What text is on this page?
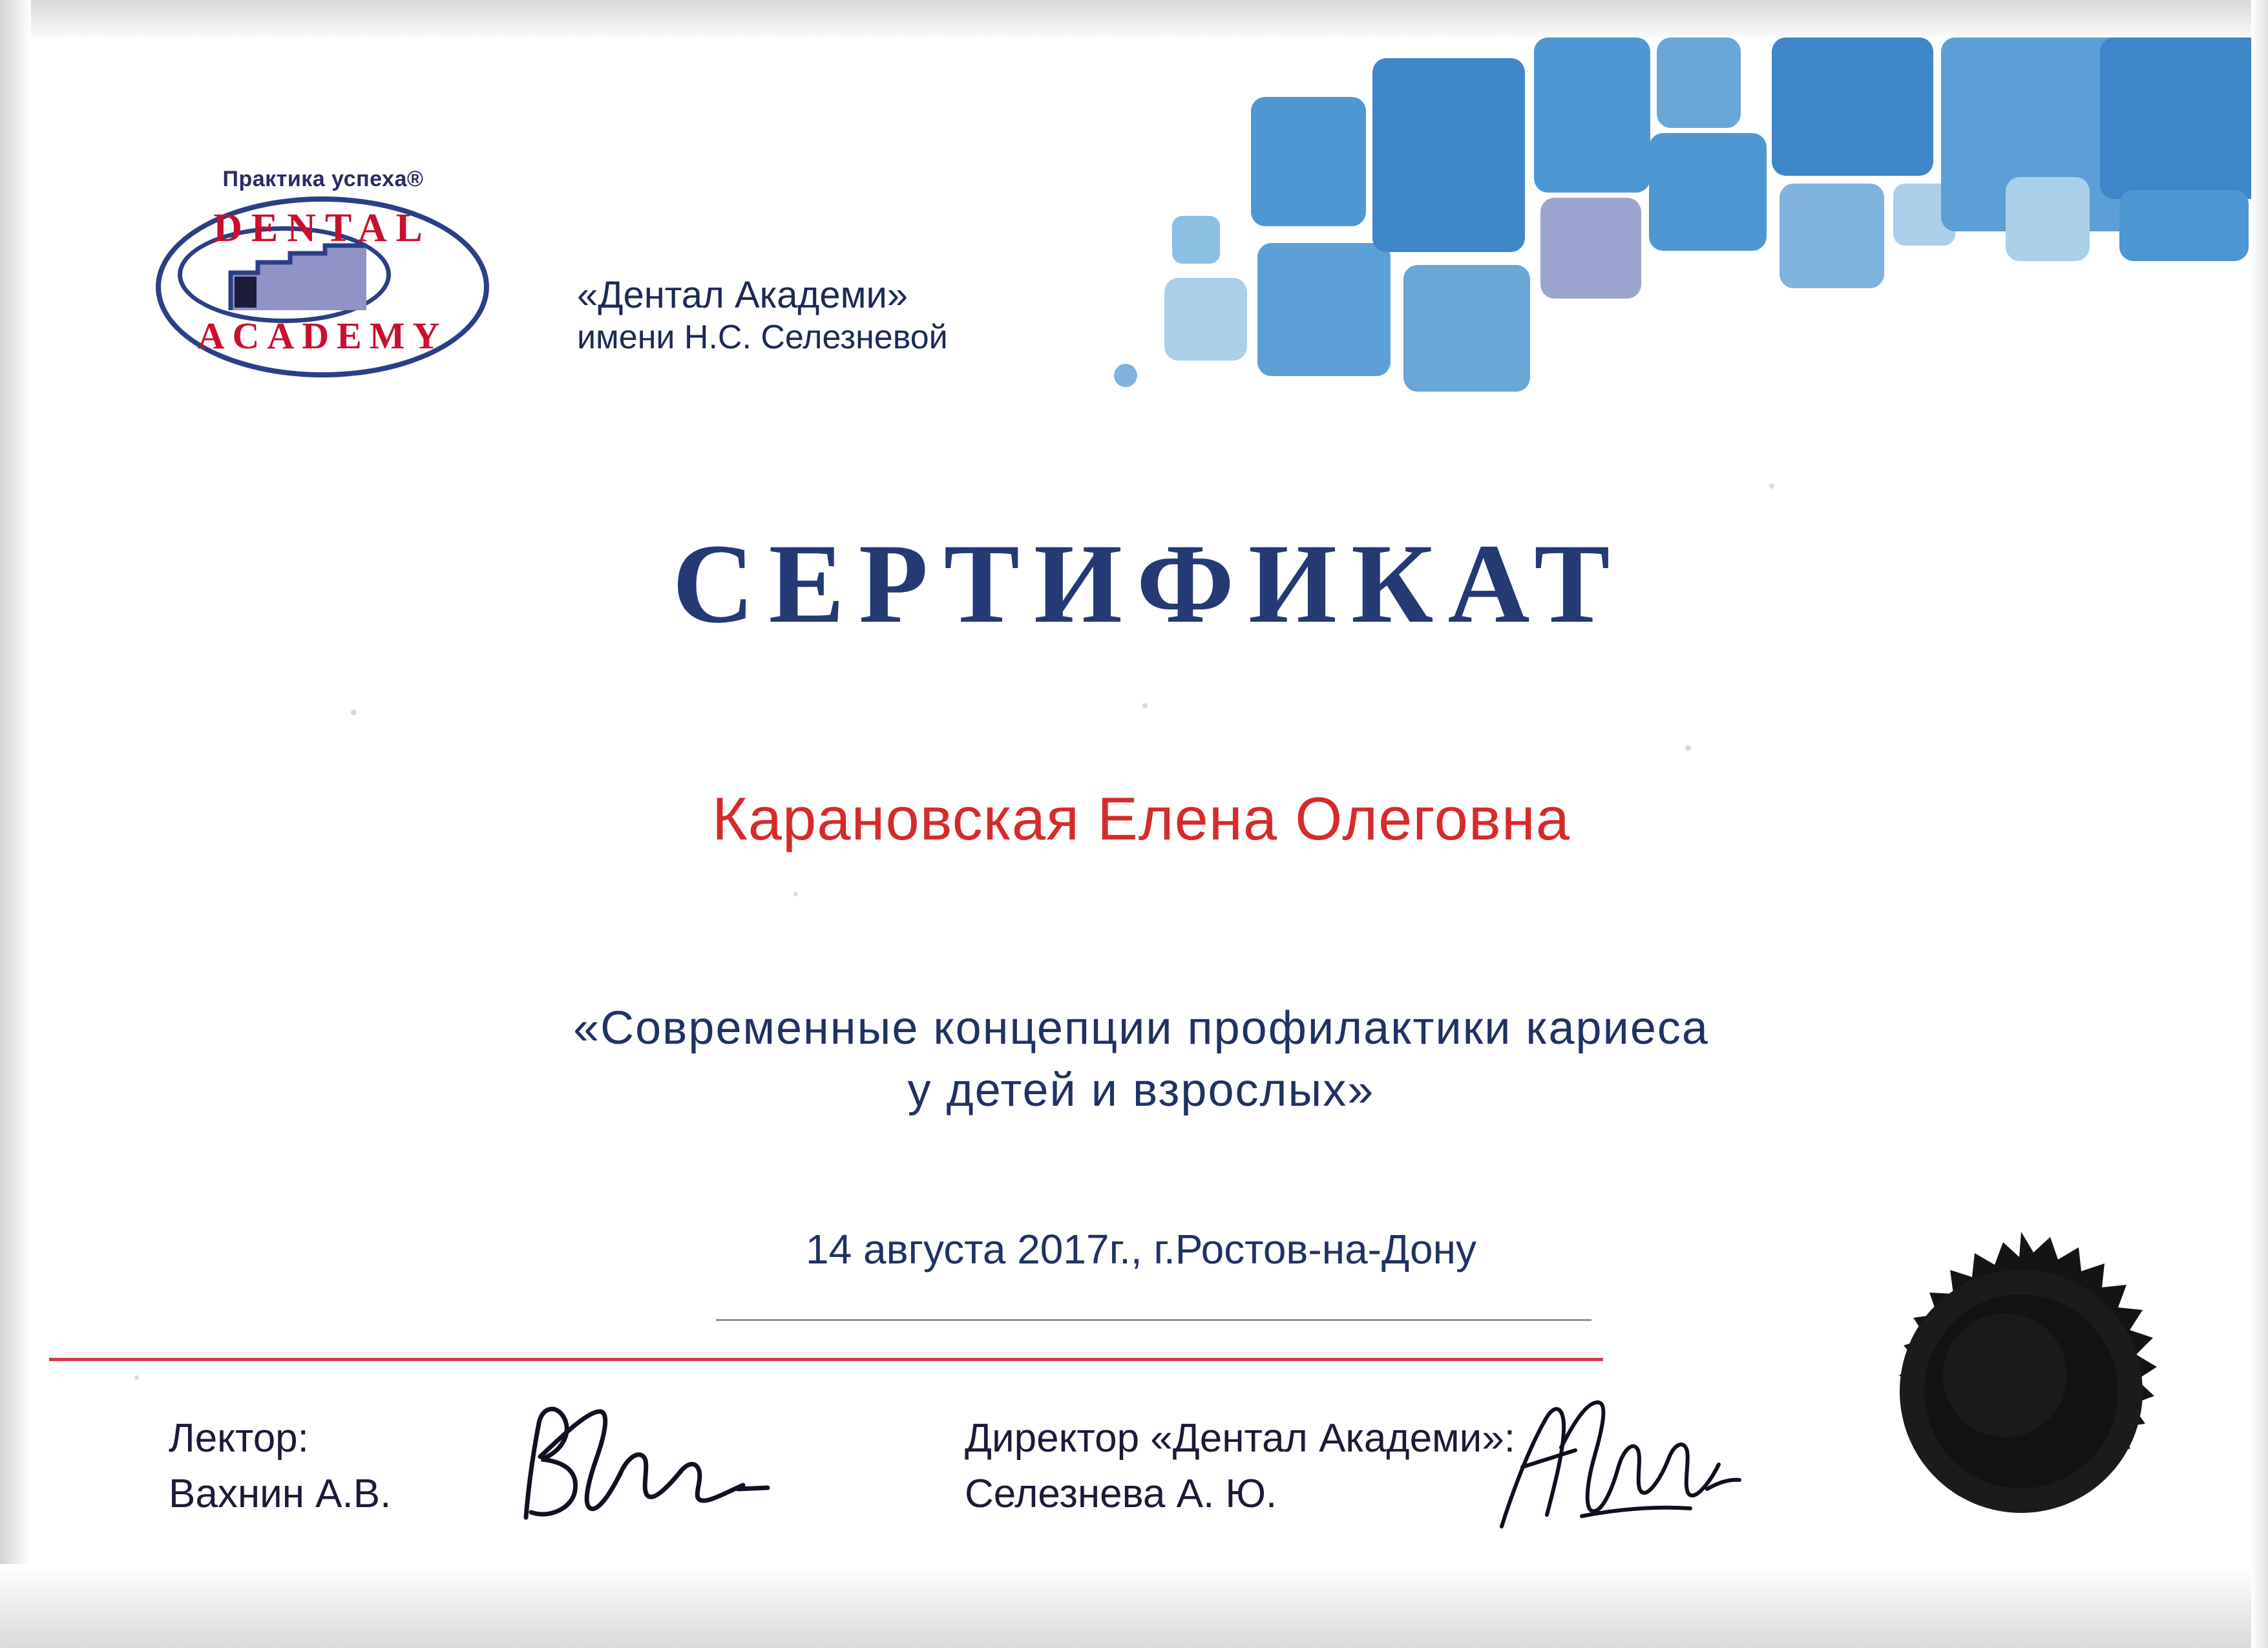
Практика успеха®
DENTAL
ACADEMY
«Дентал Академи»
имени Н.С. Селезневой
СЕРТИФИКАТ
Карановская Елена Олеговна
«Современные концепции профилактики кариеса
у детей и взрослых»
14 августа 2017г., г.Ростов-на-Дону
Лектор:
Вахнин А.В.
Директор «Дентал Академи»:
Селезнева А. Ю.
